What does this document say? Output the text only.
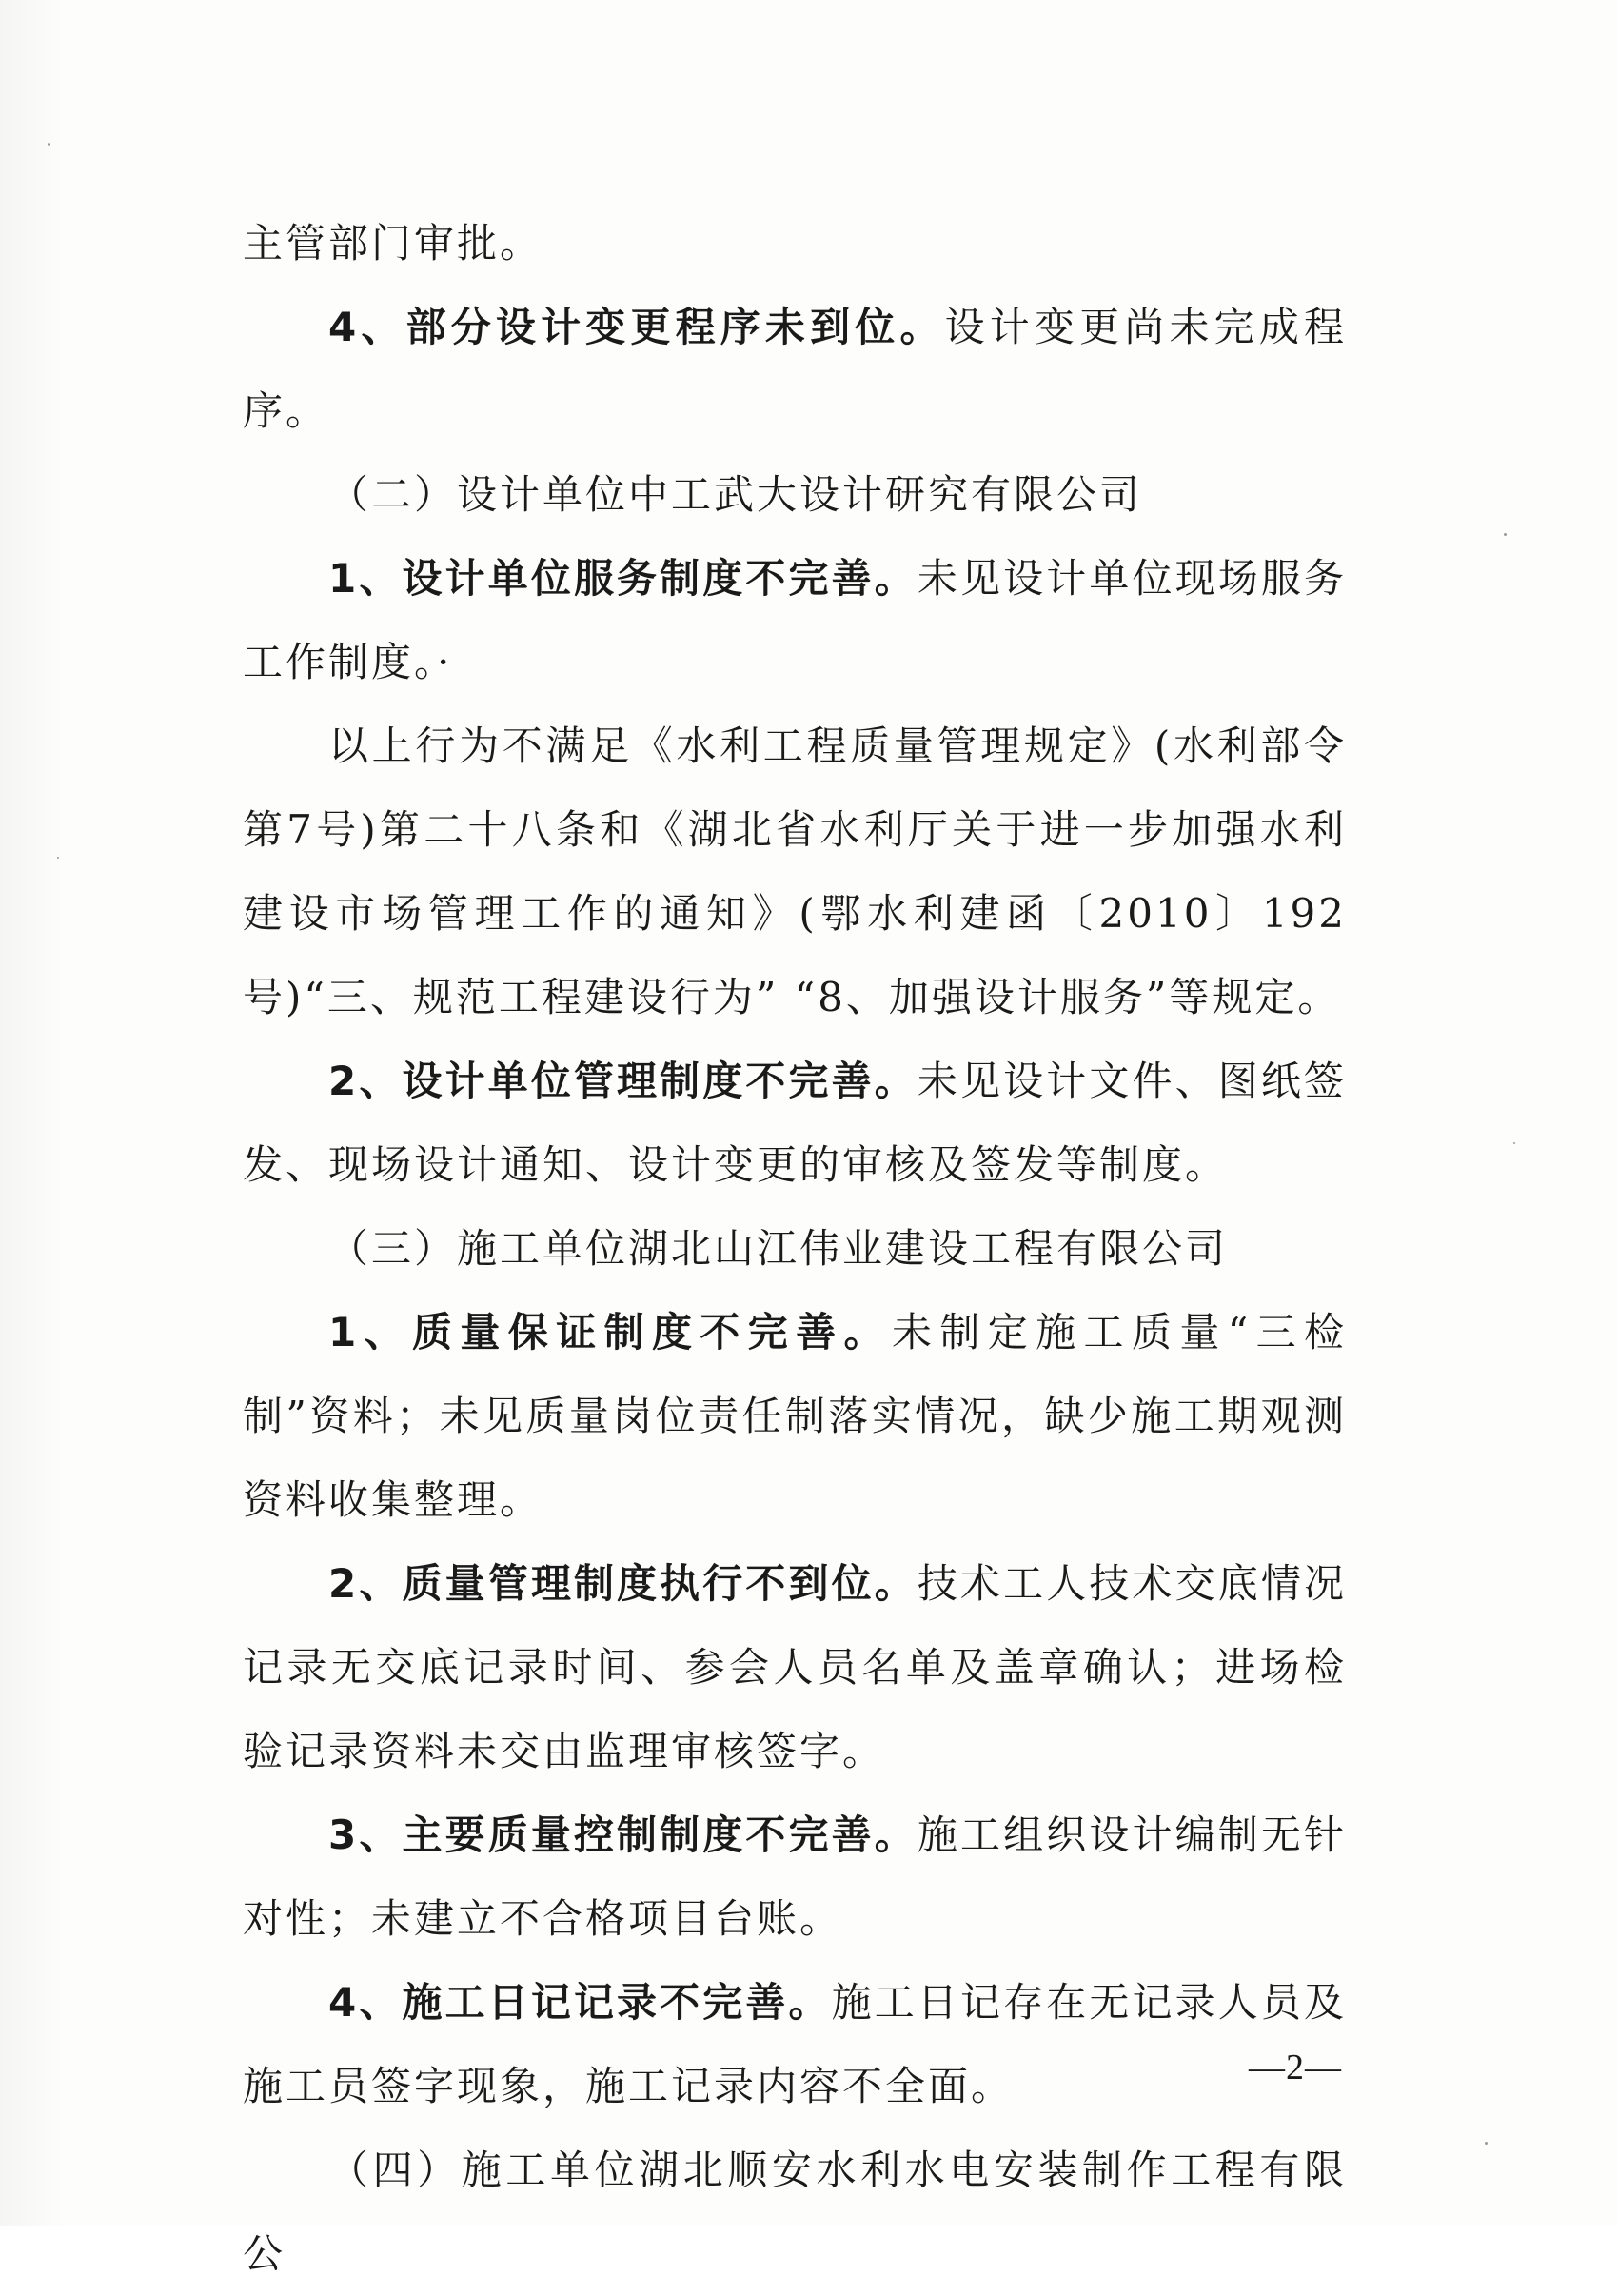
主管部门审批。

4、部分设计变更程序未到位。设计变更尚未完成程序。

（二）设计单位中工武大设计研究有限公司

1、设计单位服务制度不完善。未见设计单位现场服务工作制度。·

以上行为不满足《水利工程质量管理规定》(水利部令第7号)第二十八条和《湖北省水利厅关于进一步加强水利建设市场管理工作的通知》(鄂水利建函〔2010〕192号)“三、规范工程建设行为” “8、加强设计服务”等规定。

2、设计单位管理制度不完善。未见设计文件、图纸签发、现场设计通知、设计变更的审核及签发等制度。

（三）施工单位湖北山江伟业建设工程有限公司

1、质量保证制度不完善。未制定施工质量“三检制”资料；未见质量岗位责任制落实情况，缺少施工期观测资料收集整理。

2、质量管理制度执行不到位。技术工人技术交底情况记录无交底记录时间、参会人员名单及盖章确认；进场检验记录资料未交由监理审核签字。

3、主要质量控制制度不完善。施工组织设计编制无针对性；未建立不合格项目台账。

4、施工日记记录不完善。施工日记存在无记录人员及施工员签字现象，施工记录内容不全面。

（四）施工单位湖北顺安水利水电安装制作工程有限公

—2—
